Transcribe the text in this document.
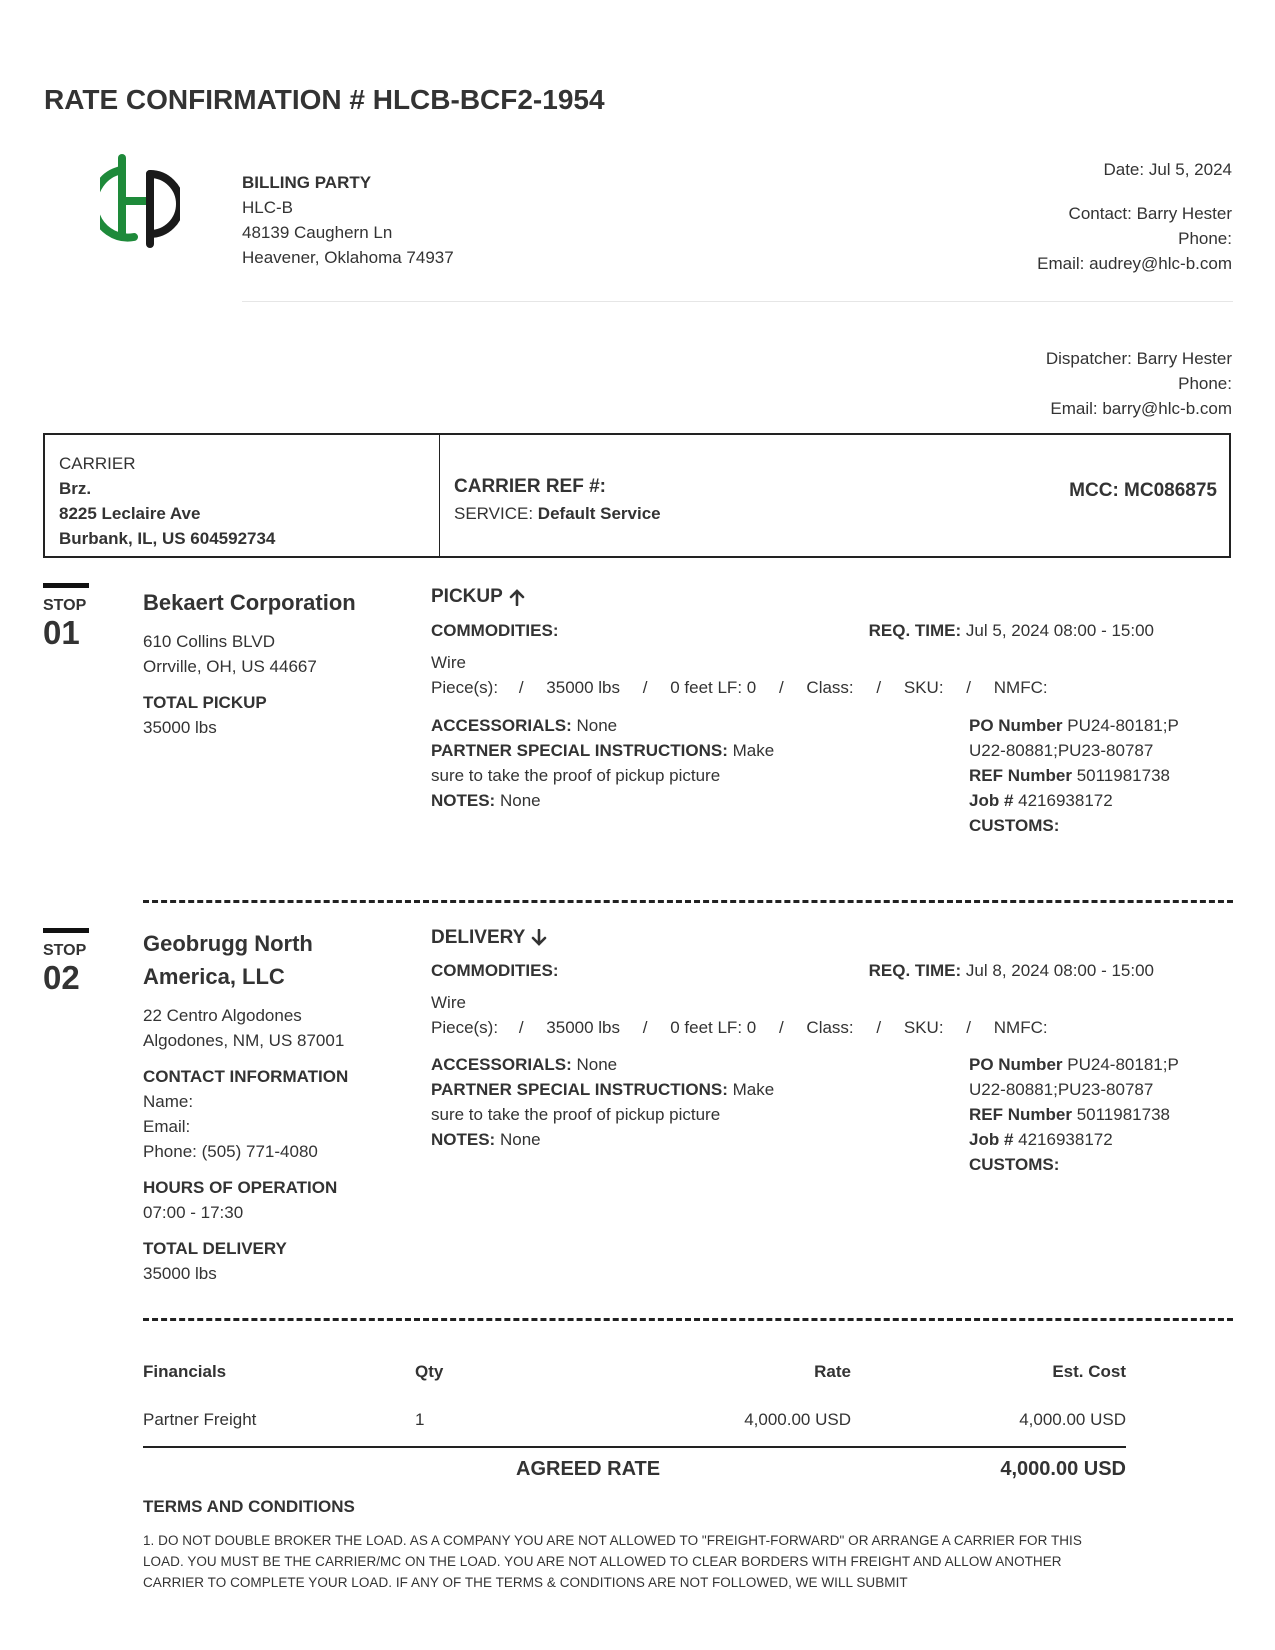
RATE CONFIRMATION # HLCB-BCF2-1954
BILLING PARTY
HLC-B
48139 Caughern Ln
Heavener, Oklahoma 74937
Date: Jul 5, 2024
Contact: Barry Hester
Phone:
Email: audrey@hlc-b.com
Dispatcher: Barry Hester
Phone:
Email: barry@hlc-b.com
CARRIER
Brz.
8225 Leclaire Ave
Burbank, IL, US 604592734
CARRIER REF #:
SERVICE: Default Service
MCC: MC086875
STOP
01
Bekaert Corporation
610 Collins BLVD
Orrville, OH, US 44667
TOTAL PICKUP
35000 lbs
PICKUP
COMMODITIES:	REQ. TIME: Jul 5, 2024 08:00 - 15:00
Wire
Piece(s): / 35000 lbs / 0 feet LF: 0 / Class: / SKU: / NMFC:
ACCESSORIALS: None
PARTNER SPECIAL INSTRUCTIONS: Make sure to take the proof of pickup picture
NOTES: None
PO Number PU24-80181;PU22-80881;PU23-80787
REF Number 5011981738
Job # 4216938172
CUSTOMS:
STOP
02
Geobrugg North America, LLC
22 Centro Algodones
Algodones, NM, US 87001
CONTACT INFORMATION
Name:
Email:
Phone: (505) 771-4080
HOURS OF OPERATION
07:00 - 17:30
TOTAL DELIVERY
35000 lbs
DELIVERY
COMMODITIES:	REQ. TIME: Jul 8, 2024 08:00 - 15:00
Wire
Piece(s): / 35000 lbs / 0 feet LF: 0 / Class: / SKU: / NMFC:
ACCESSORIALS: None
PARTNER SPECIAL INSTRUCTIONS: Make sure to take the proof of pickup picture
NOTES: None
PO Number PU24-80181;PU22-80881;PU23-80787
REF Number 5011981738
Job # 4216938172
CUSTOMS:
Financials	Qty	Rate	Est. Cost
Partner Freight	1	4,000.00 USD	4,000.00 USD
AGREED RATE	4,000.00 USD
TERMS AND CONDITIONS
1. DO NOT DOUBLE BROKER THE LOAD. AS A COMPANY YOU ARE NOT ALLOWED TO "FREIGHT-FORWARD" OR ARRANGE A CARRIER FOR THIS LOAD. YOU MUST BE THE CARRIER/MC ON THE LOAD. YOU ARE NOT ALLOWED TO CLEAR BORDERS WITH FREIGHT AND ALLOW ANOTHER CARRIER TO COMPLETE YOUR LOAD. IF ANY OF THE TERMS & CONDITIONS ARE NOT FOLLOWED, WE WILL SUBMIT
